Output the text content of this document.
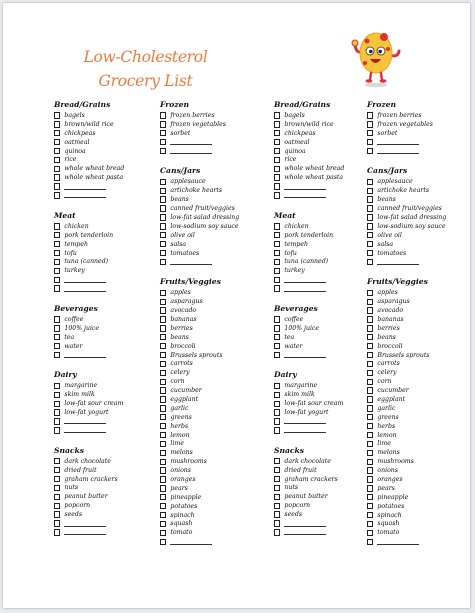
Low-Cholesterol Grocery List
Bread/Grains
bagels
brown/wild rice
chickpeas
oatmeal
quinoa
rice
whole wheat bread
whole wheat pasta
Meat
chicken
pork tenderloin
tempeh
tofu
tuna (canned)
turkey
Beverages
coffee
100% juice
tea
water
Dairy
margarine
skim milk
low-fat sour cream
low-fat yogurt
Snacks
dark chocolate
dried fruit
graham crackers
nuts
peanut butter
popcorn
seeds
Frozen
frozen berries
frozen vegetables
sorbet
Cans/Jars
applesauce
artichoke hearts
beans
canned fruit/veggies
low-fat salad dressing
low-sodium soy sauce
olive oil
salsa
tomatoes
Fruits/Veggies
apples
asparagus
avocado
bananas
berries
beans
broccoli
Brussels sprouts
carrots
celery
corn
cucumber
eggplant
garlic
greens
herbs
lemon
lime
melons
mushrooms
onions
oranges
pears
pineapple
potatoes
spinach
squash
tomato
Bread/Grains
bagels
brown/wild rice
chickpeas
oatmeal
quinoa
rice
whole wheat bread
whole wheat pasta
Meat
chicken
pork tenderloin
tempeh
tofu
tuna (canned)
turkey
Beverages
coffee
100% juice
tea
water
Dairy
margarine
skim milk
low-fat sour cream
low-fat yogurt
Snacks
dark chocolate
dried fruit
graham crackers
nuts
peanut butter
popcorn
seeds
Frozen
frozen berries
frozen vegetables
sorbet
Cans/Jars
applesauce
artichoke hearts
beans
canned fruit/veggies
low-fat salad dressing
low-sodium soy sauce
olive oil
salsa
tomatoes
Fruits/Veggies
apples
asparagus
avocado
bananas
berries
beans
broccoli
Brussels sprouts
carrots
celery
corn
cucumber
eggplant
garlic
greens
herbs
lemon
lime
melons
mushrooms
onions
oranges
pears
pineapple
potatoes
spinach
squash
tomato
